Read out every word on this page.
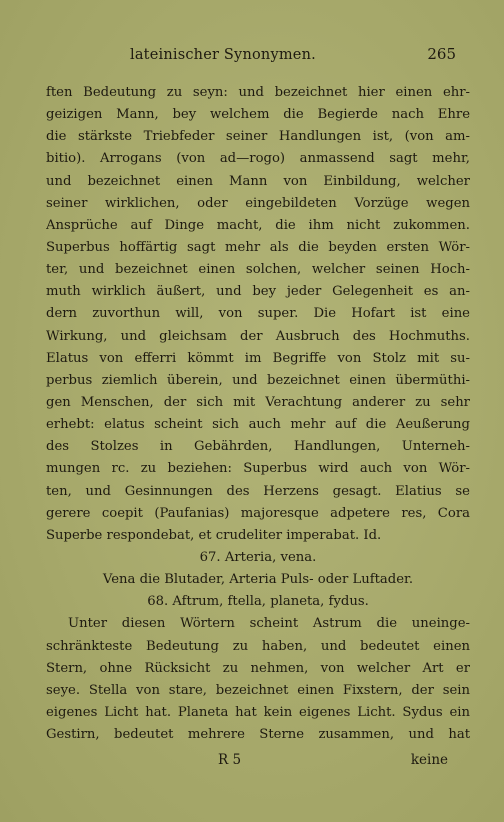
lateinischer Synonymen.	265
ften Bedeutung zu seyn: und bezeichnet hier einen ehr-
geizigen Mann, bey welchem die Begierde nach Ehre
die stärkste Triebfeder seiner Handlungen ist, (von am-
bitio). Arrogans (von ad—rogo) anmassend sagt mehr,
und bezeichnet einen Mann von Einbildung, welcher
seiner wirklichen, oder eingebildeten Vorzüge wegen
Ansprüche auf Dinge macht, die ihm nicht zukommen.
Superbus hoffärtig sagt mehr als die beyden ersten Wör-
ter, und bezeichnet einen solchen, welcher seinen Hoch-
muth wirklich äußert, und bey jeder Gelegenheit es an-
dern zuvorthun will, von super. Die Hofart ist eine
Wirkung, und gleichsam der Ausbruch des Hochmuths.
Elatus von efferri kömmt im Begriffe von Stolz mit su-
perbus ziemlich überein, und bezeichnet einen übermüthi-
gen Menschen, der sich mit Verachtung anderer zu sehr
erhebt: elatus scheint sich auch mehr auf die Aeußerung
des Stolzes in Gebährden, Handlungen, Unterneh-
mungen rc. zu beziehen: Superbus wird auch von Wör-
ten, und Gesinnungen des Herzens gesagt. Elatius se
gerere coepit (Paufanias) majoresque adpetere res, Cora
Superbe respondebat, et crudeliter imperabat. Id.
67. Arteria, vena.
Vena die Blutader, Arteria Puls- oder Luftader.
68. Aftrum, ftella, planeta, fydus.
Unter diesen Wörtern scheint Astrum die uneinge-
schränkteste Bedeutung zu haben, und bedeutet einen
Stern, ohne Rücksicht zu nehmen, von welcher Art er
seye. Stella von stare, bezeichnet einen Fixstern, der sein
eigenes Licht hat. Planeta hat kein eigenes Licht. Sydus ein
Gestirn, bedeutet mehrere Sterne zusammen, und hat
R 5	keine
